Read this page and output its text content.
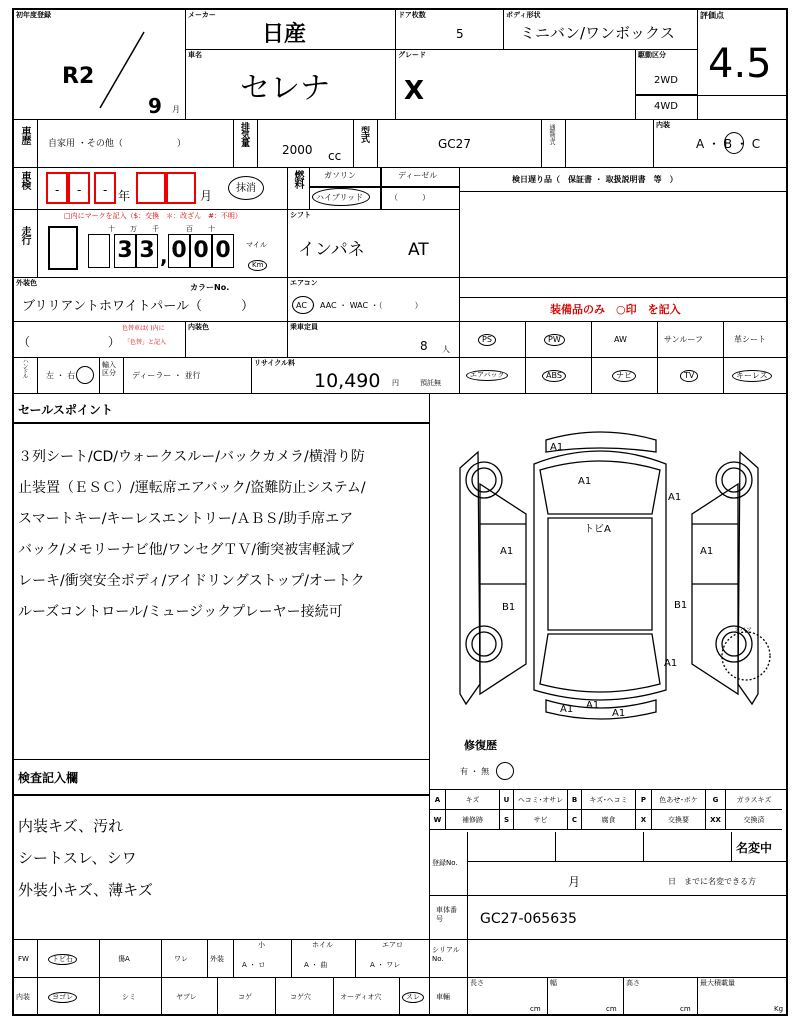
初年度登録
R2
9 月
メーカー
日産
ドア枚数
5
ボディ形状
ミニバン/ワンボックス
評価点
4.5
車名
セレナ
グレード
X
駆動区分
2WD
4WD
車歴 自家用 ・その他（　　　　　　）	排気量
2000 cc
型式
GC27	通称型式	内装
A ・ B ・ C
車検
- - - 年	月
抹消
燃料	ガソリン	ディーゼル
ハイブリッド	（　　　）
検日遅り品（　保証書 ・ 取扱説明書　等　）
走行
□内にマークを記入（$：交換　＊：改ざん　#：不明）
3 3 , 0 0 0
十 万 千	百 十
マイル
Km
シフト
インパネ	AT
外装色	カラーNo.
ブリリアントホワイトパール（　　　）
エアコン
AC ・ AAC ・ WAC ・（　　　　）	装備品のみ　○印　を記入
（	）
色替車は( )内に
「色替」と記入
内装色	乗車定員
8 人
PS	PW	AW	サンルーフ	革シート
ハンドル 左 ・ 右
輸入区分	ディーラー ・ 並行
リサイクル料
10,490 円	預託無
エアバック	ABS	ナビ	TV	キーレス
セールスポイント
３列シート/CD/ウォークスルー/バックカメラ/横滑り防
止装置（ＥＳＣ）/運転席エアバック/盗難防止システム/
スマートキー/キーレスエントリー/ＡＢＳ/助手席エア
バック/メモリーナビ他/ワンセグＴＶ/衝突被害軽減ブ
レーキ/衝突安全ボディ/アイドリングストップ/オートク
ルーズコントロール/ミュージックプレーヤー接続可
A1
A1
A1
トビA
A1	A1
B1	B1
A1
A1 A1
A1
スペア
修復歴
有 ・ 無
検査記入欄
内装キズ、汚れ
シートスレ、シワ
外装小キズ、薄キズ
A	キズ	U	ヘコミ･オサレ	B	キズ･ヘコミ	P	色あせ･ボケ	G	ガラスキズ
W	補修跡	S	サビ	C	腐食	X	交換要	XX	交換済
登録No.
名変中
月	日　までに名変できる方
車体番号	GC27-065635
FW	トビ石	傷A	ワレ	外装
小
A ・ ロ
ホイル
A ・ 曲
エアロ
A ・ ワレ
シリアルNo.
内装	ヨゴレ	シミ	ヤブレ	コゲ	コゲ穴	オーディオ穴	スレ	車輛
長さ
cm
幅
cm
高さ
cm
最大積載量
Kg
